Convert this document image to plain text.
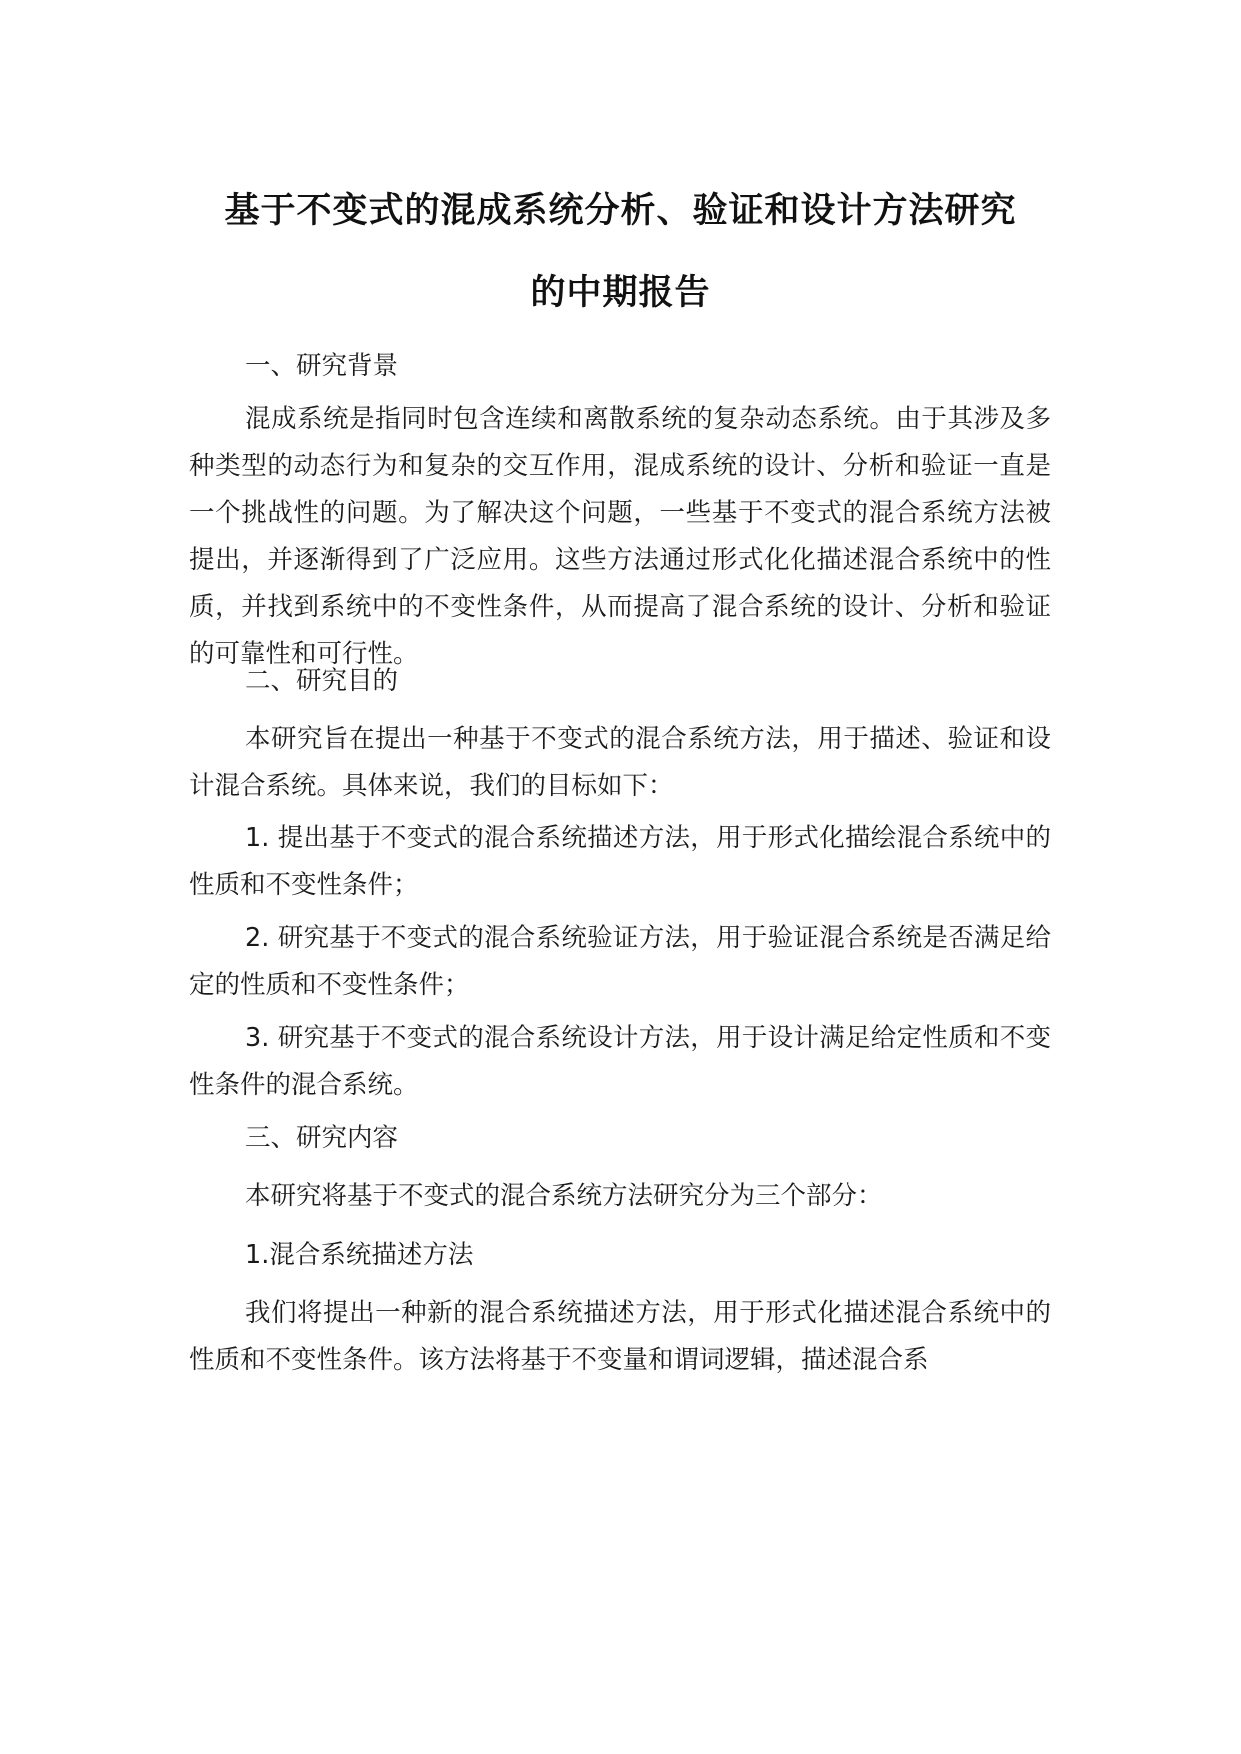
基于不变式的混成系统分析、验证和设计方法研究
的中期报告

一、研究背景

混成系统是指同时包含连续和离散系统的复杂动态系统。由于其涉及多种类型的动态行为和复杂的交互作用，混成系统的设计、分析和验证一直是一个挑战性的问题。为了解决这个问题，一些基于不变式的混合系统方法被提出，并逐渐得到了广泛应用。这些方法通过形式化化描述混合系统中的性质，并找到系统中的不变性条件，从而提高了混合系统的设计、分析和验证的可靠性和可行性。

二、研究目的

本研究旨在提出一种基于不变式的混合系统方法，用于描述、验证和设计混合系统。具体来说，我们的目标如下：

1. 提出基于不变式的混合系统描述方法，用于形式化描绘混合系统中的性质和不变性条件；

2. 研究基于不变式的混合系统验证方法，用于验证混合系统是否满足给定的性质和不变性条件；

3. 研究基于不变式的混合系统设计方法，用于设计满足给定性质和不变性条件的混合系统。

三、研究内容

本研究将基于不变式的混合系统方法研究分为三个部分：

1.混合系统描述方法

我们将提出一种新的混合系统描述方法，用于形式化描述混合系统中的性质和不变性条件。该方法将基于不变量和谓词逻辑，描述混合系
